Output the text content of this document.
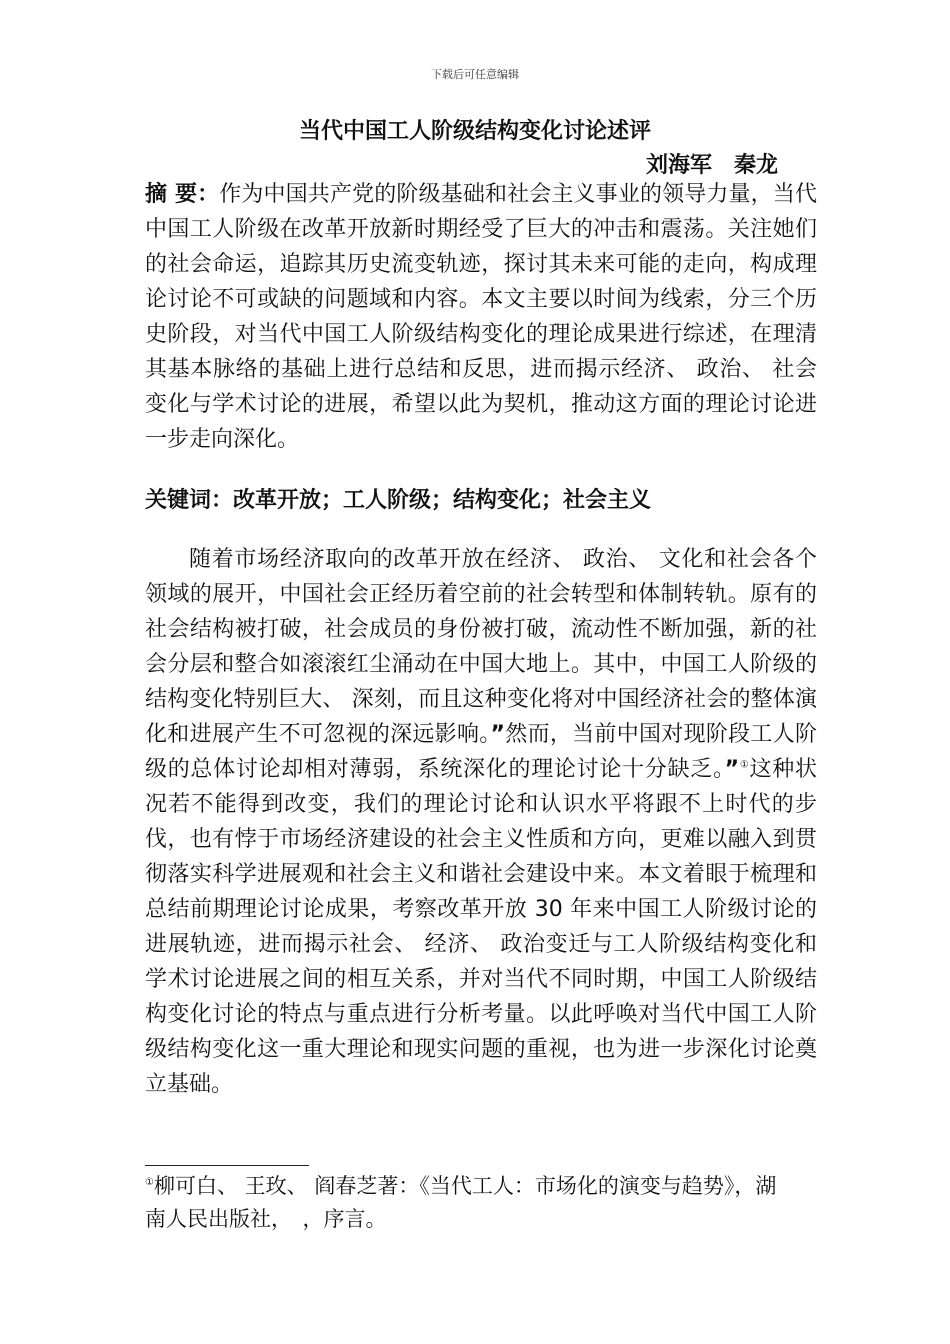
下载后可任意编辑
当代中国工人阶级结构变化讨论述评
刘海军　秦龙
摘 要：作为中国共产党的阶级基础和社会主义事业的领导力量，当代中国工人阶级在改革开放新时期经受了巨大的冲击和震荡。关注她们的社会命运，追踪其历史流变轨迹，探讨其未来可能的走向，构成理论讨论不可或缺的问题域和内容。本文主要以时间为线索，分三个历史阶段，对当代中国工人阶级结构变化的理论成果进行综述，在理清其基本脉络的基础上进行总结和反思，进而揭示经济、 政治、 社会变化与学术讨论的进展，希望以此为契机，推动这方面的理论讨论进一步走向深化。
关键词：改革开放；工人阶级；结构变化；社会主义
随着市场经济取向的改革开放在经济、 政治、 文化和社会各个领域的展开，中国社会正经历着空前的社会转型和体制转轨。原有的社会结构被打破，社会成员的身份被打破，流动性不断加强，新的社会分层和整合如滚滚红尘涌动在中国大地上。其中，中国工人阶级的结构变化特别巨大、 深刻，而且这种变化将对中国经济社会的整体演化和进展产生不可忽视的深远影响。”然而，当前中国对现阶段工人阶级的总体讨论却相对薄弱，系统深化的理论讨论十分缺乏。”①这种状况若不能得到改变，我们的理论讨论和认识水平将跟不上时代的步伐，也有悖于市场经济建设的社会主义性质和方向，更难以融入到贯彻落实科学进展观和社会主义和谐社会建设中来。本文着眼于梳理和总结前期理论讨论成果，考察改革开放 30 年来中国工人阶级讨论的进展轨迹，进而揭示社会、 经济、 政治变迁与工人阶级结构变化和学术讨论进展之间的相互关系，并对当代不同时期，中国工人阶级结构变化讨论的特点与重点进行分析考量。以此呼唤对当代中国工人阶级结构变化这一重大理论和现实问题的重视，也为进一步深化讨论奠立基础。
①柳可白、 王玫、 阎春芝著：《当代工人：市场化的演变与趋势》，湖南人民出版社，　，序言。
